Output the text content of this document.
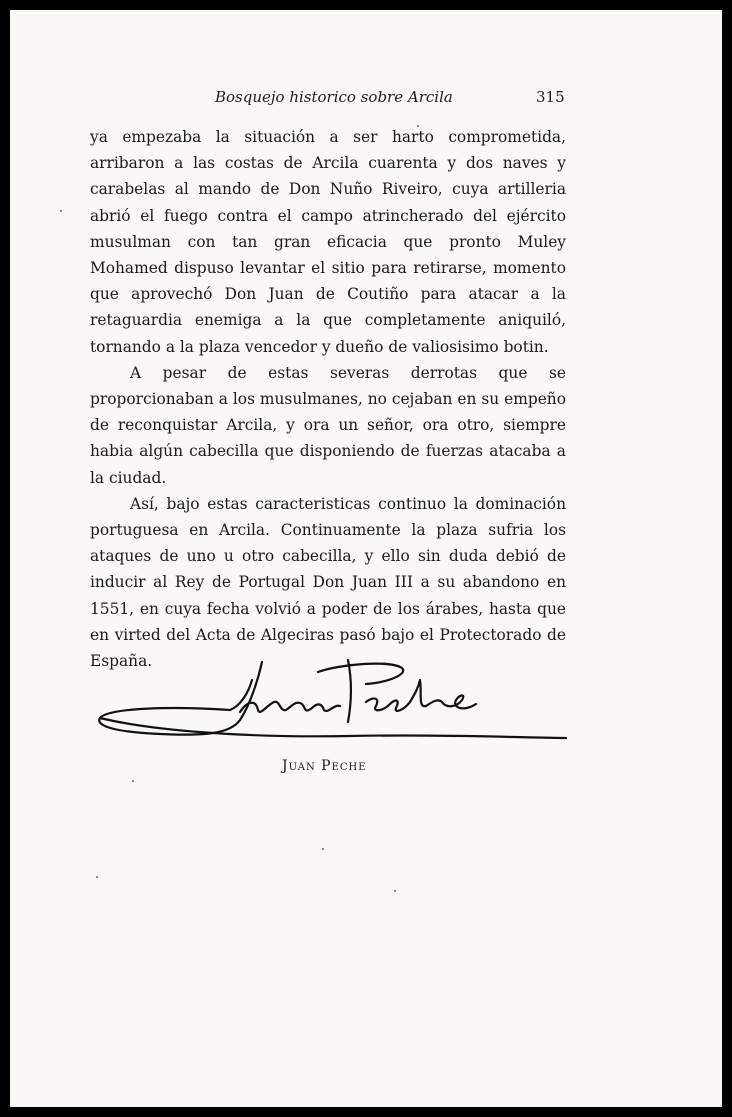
Bosquejo historico sobre Arcila	315

ya empezaba la situación a ser harto comprometida, arribaron a las costas de Arcila cuarenta y dos naves y carabelas al mando de Don Nuño Riveiro, cuya artilleria abrió el fuego contra el campo atrincherado del ejército musulman con tan gran eficacia que pronto Muley Mohamed dispuso levantar el sitio para retirarse, momento que aprovechó Don Juan de Coutiño para atacar a la retaguardia enemiga a la que completamente aniquiló, tornando a la plaza vencedor y dueño de valiosisimo botin.

A pesar de estas severas derrotas que se proporcionaban a los musulmanes, no cejaban en su empeño de reconquistar Arcila, y ora un señor, ora otro, siempre habia algún cabecilla que disponiendo de fuerzas atacaba a la ciudad.

Así, bajo estas caracteristicas continuo la dominación portuguesa en Arcila. Continuamente la plaza sufria los ataques de uno u otro cabecilla, y ello sin duda debió de inducir al Rey de Portugal Don Juan III a su abandono en 1551, en cuya fecha volvió a poder de los árabes, hasta que en virted del Acta de Algeciras pasó bajo el Protectorado de España.

Juan Peche
